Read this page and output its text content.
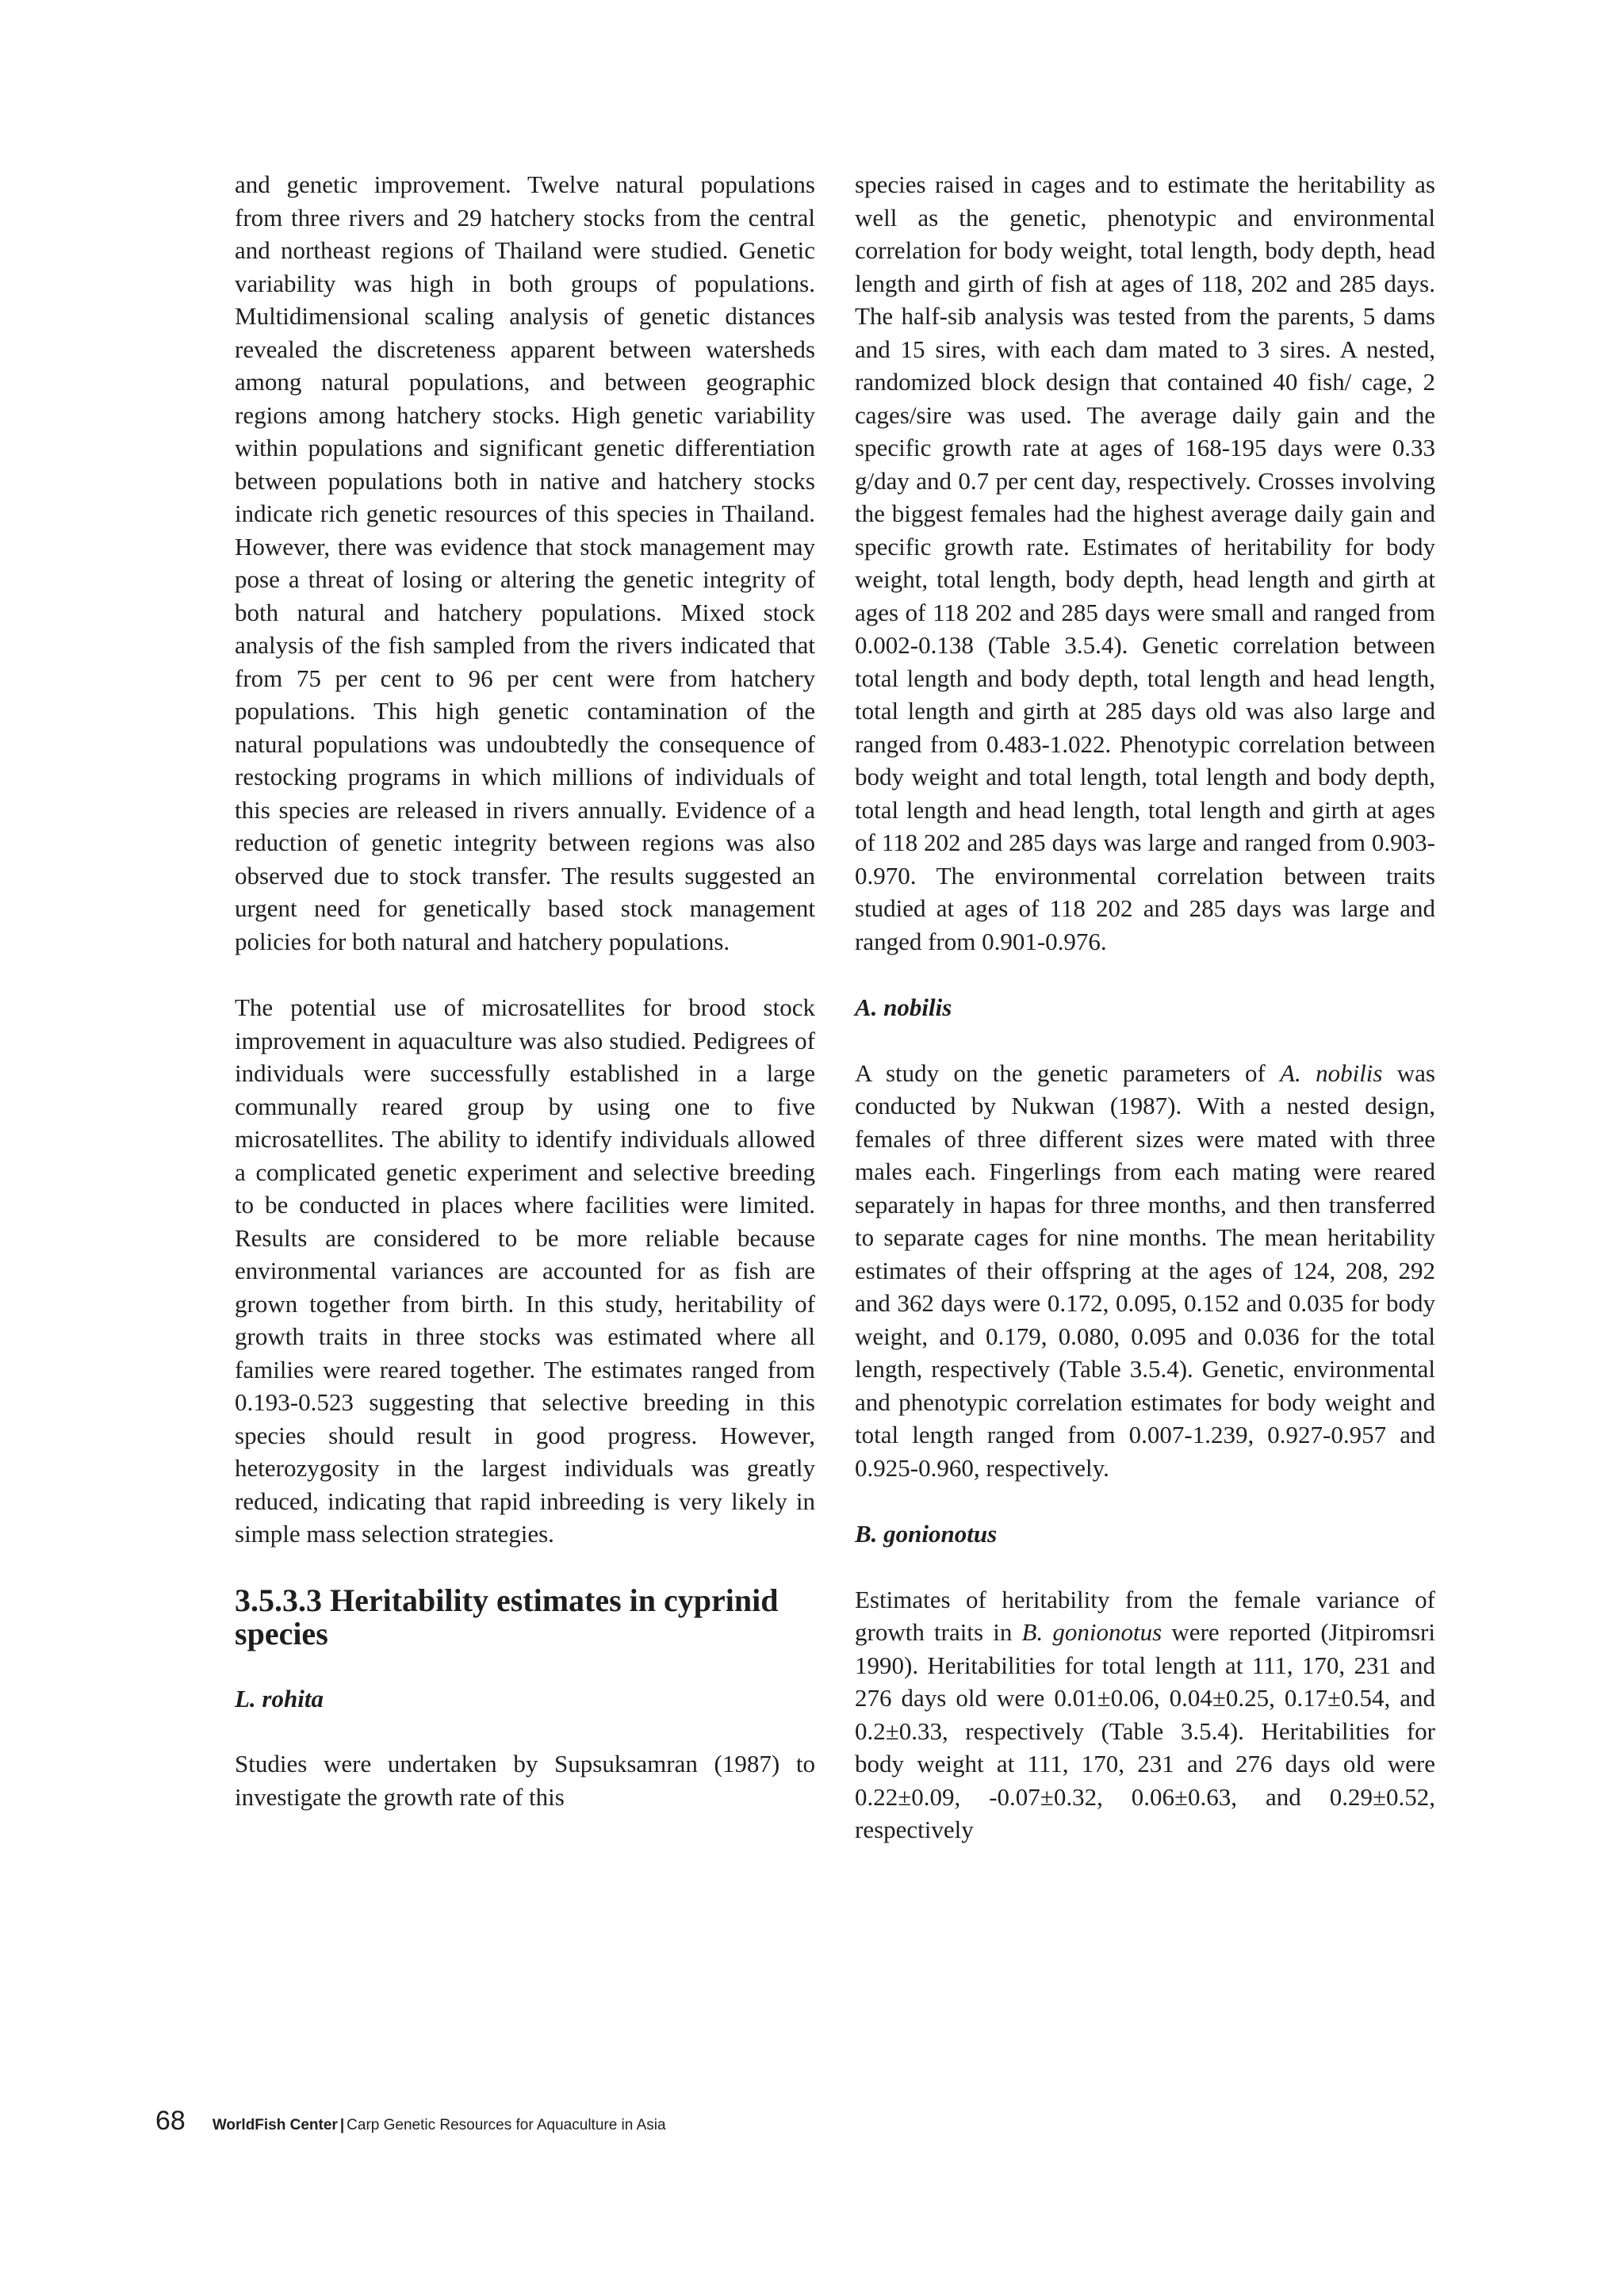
and genetic improvement. Twelve natural populations from three rivers and 29 hatchery stocks from the central and northeast regions of Thailand were studied. Genetic variability was high in both groups of populations. Multidimensional scaling analysis of genetic distances revealed the discreteness apparent between watersheds among natural populations, and between geographic regions among hatchery stocks. High genetic variability within populations and significant genetic differentiation between populations both in native and hatchery stocks indicate rich genetic resources of this species in Thailand. However, there was evidence that stock management may pose a threat of losing or altering the genetic integrity of both natural and hatchery populations. Mixed stock analysis of the fish sampled from the rivers indicated that from 75 per cent to 96 per cent were from hatchery populations. This high genetic contamination of the natural populations was undoubtedly the consequence of restocking programs in which millions of individuals of this species are released in rivers annually. Evidence of a reduction of genetic integrity between regions was also observed due to stock transfer. The results suggested an urgent need for genetically based stock management policies for both natural and hatchery populations.

The potential use of microsatellites for brood stock improvement in aquaculture was also studied. Pedigrees of individuals were successfully established in a large communally reared group by using one to five microsatellites. The ability to identify individuals allowed a complicated genetic experiment and selective breeding to be conducted in places where facilities were limited. Results are considered to be more reliable because environmental variances are accounted for as fish are grown together from birth. In this study, heritability of growth traits in three stocks was estimated where all families were reared together. The estimates ranged from 0.193-0.523 suggesting that selective breeding in this species should result in good progress. However, heterozygosity in the largest individuals was greatly reduced, indicating that rapid inbreeding is very likely in simple mass selection strategies.

3.5.3.3 Heritability estimates in cyprinid species
L. rohita

Studies were undertaken by Supsuksamran (1987) to investigate the growth rate of this

species raised in cages and to estimate the heritability as well as the genetic, phenotypic and environmental correlation for body weight, total length, body depth, head length and girth of fish at ages of 118, 202 and 285 days. The half-sib analysis was tested from the parents, 5 dams and 15 sires, with each dam mated to 3 sires. A nested, randomized block design that contained 40 fish/ cage, 2 cages/sire was used. The average daily gain and the specific growth rate at ages of 168-195 days were 0.33 g/day and 0.7 per cent day, respectively. Crosses involving the biggest females had the highest average daily gain and specific growth rate. Estimates of heritability for body weight, total length, body depth, head length and girth at ages of 118 202 and 285 days were small and ranged from 0.002-0.138 (Table 3.5.4). Genetic correlation between total length and body depth, total length and head length, total length and girth at 285 days old was also large and ranged from 0.483-1.022. Phenotypic correlation between body weight and total length, total length and body depth, total length and head length, total length and girth at ages of 118 202 and 285 days was large and ranged from 0.903-0.970. The environmental correlation between traits studied at ages of 118 202 and 285 days was large and ranged from 0.901-0.976.

A. nobilis

A study on the genetic parameters of A. nobilis was conducted by Nukwan (1987). With a nested design, females of three different sizes were mated with three males each. Fingerlings from each mating were reared separately in hapas for three months, and then transferred to separate cages for nine months. The mean heritability estimates of their offspring at the ages of 124, 208, 292 and 362 days were 0.172, 0.095, 0.152 and 0.035 for body weight, and 0.179, 0.080, 0.095 and 0.036 for the total length, respectively (Table 3.5.4). Genetic, environmental and phenotypic correlation estimates for body weight and total length ranged from 0.007-1.239, 0.927-0.957 and 0.925-0.960, respectively.

B. gonionotus

Estimates of heritability from the female variance of growth traits in B. gonionotus were reported (Jitpiromsri 1990). Heritabilities for total length at 111, 170, 231 and 276 days old were 0.01±0.06, 0.04±0.25, 0.17±0.54, and 0.2±0.33, respectively (Table 3.5.4). Heritabilities for body weight at 111, 170, 231 and 276 days old were 0.22±0.09, -0.07±0.32, 0.06±0.63, and 0.29±0.52, respectively

68 WorldFish Center | Carp Genetic Resources for Aquaculture in Asia
